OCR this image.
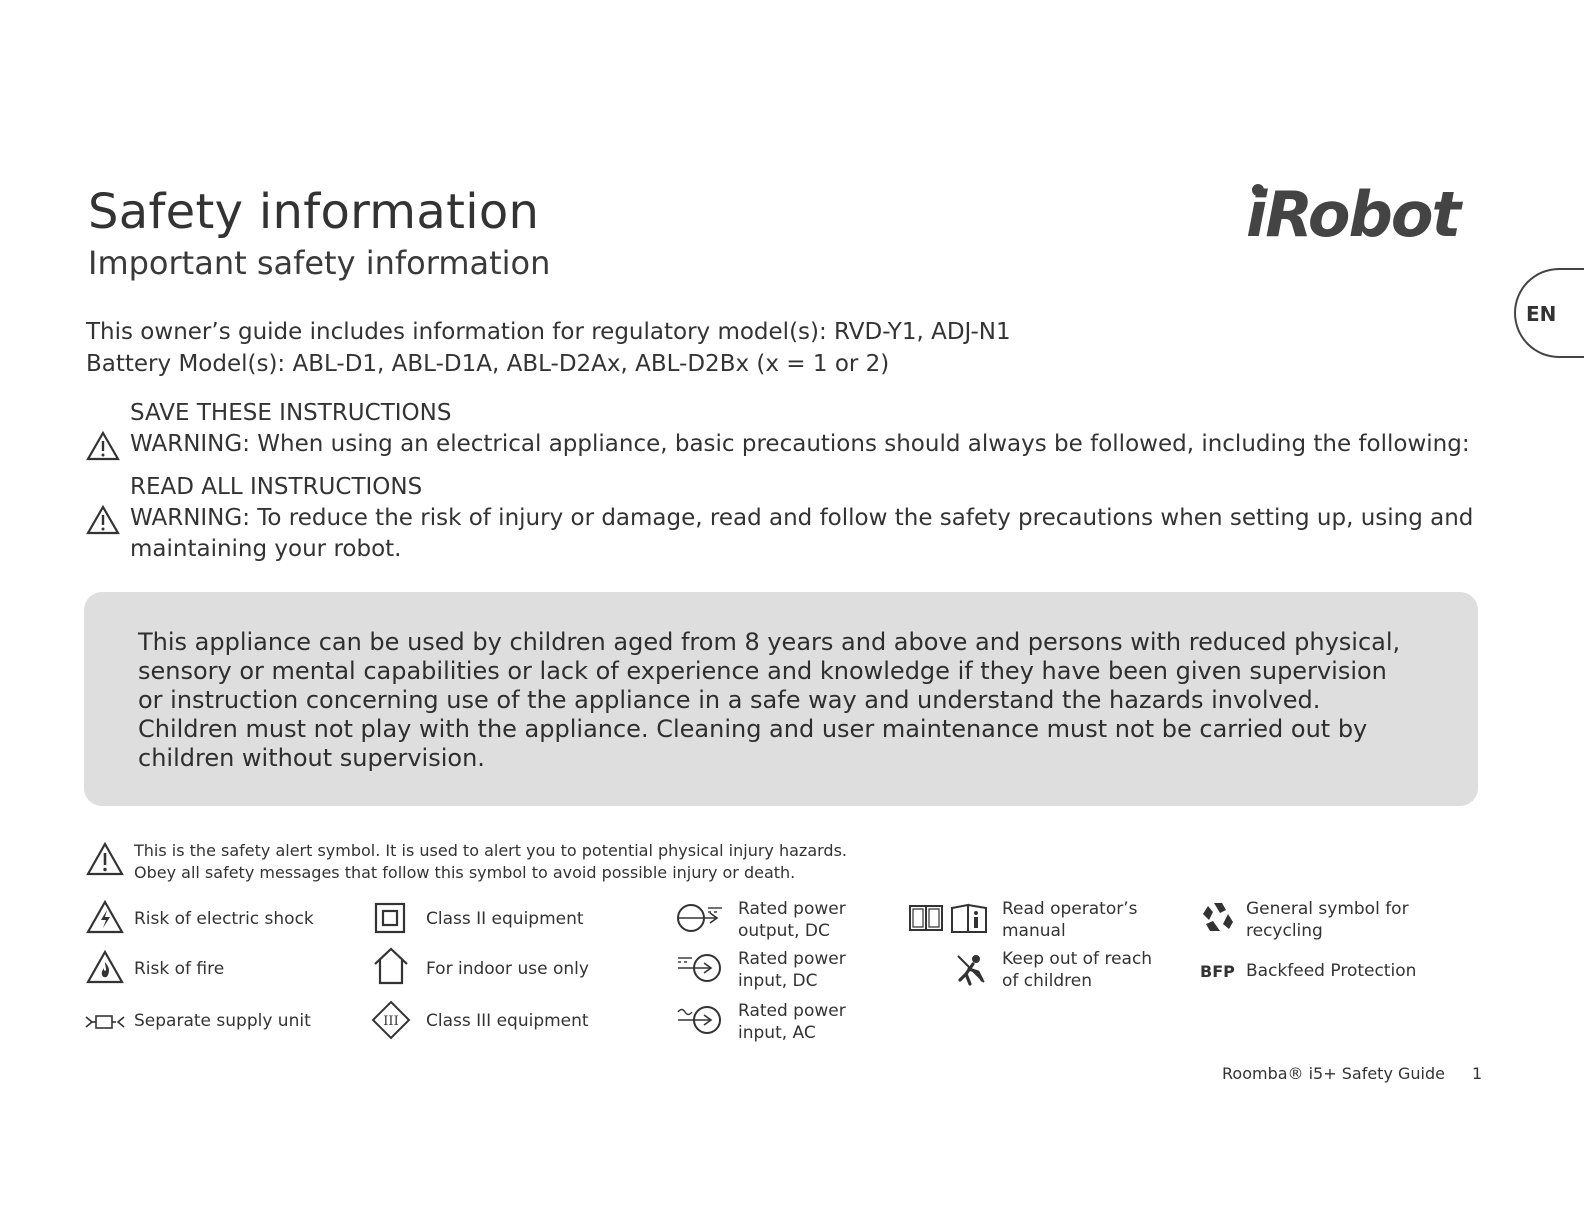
Safety information
Important safety information
iRobot
EN
This owner’s guide includes information for regulatory model(s): RVD-Y1, ADJ-N1
Battery Model(s): ABL-D1, ABL-D1A, ABL-D2Ax, ABL-D2Bx (x = 1 or 2)
SAVE THESE INSTRUCTIONS
WARNING: When using an electrical appliance, basic precautions should always be followed, including the following:
READ ALL INSTRUCTIONS
WARNING: To reduce the risk of injury or damage, read and follow the safety precautions when setting up, using and maintaining your robot.

This appliance can be used by children aged from 8 years and above and persons with reduced physical,
sensory or mental capabilities or lack of experience and knowledge if they have been given supervision
or instruction concerning use of the appliance in a safe way and understand the hazards involved.
Children must not play with the appliance. Cleaning and user maintenance must not be carried out by
children without supervision.

This is the safety alert symbol. It is used to alert you to potential physical injury hazards.
Obey all safety messages that follow this symbol to avoid possible injury or death.
Risk of electric shock
Risk of fire
Separate supply unit
Class II equipment
For indoor use only
III Class III equipment
Rated power
output, DC
Rated power
input, DC
Rated power
input, AC
Read operator’s
manual
Keep out of reach
of children
General symbol for
recycling
BFP Backfeed Protection
Roomba® i5+ Safety Guide 1
